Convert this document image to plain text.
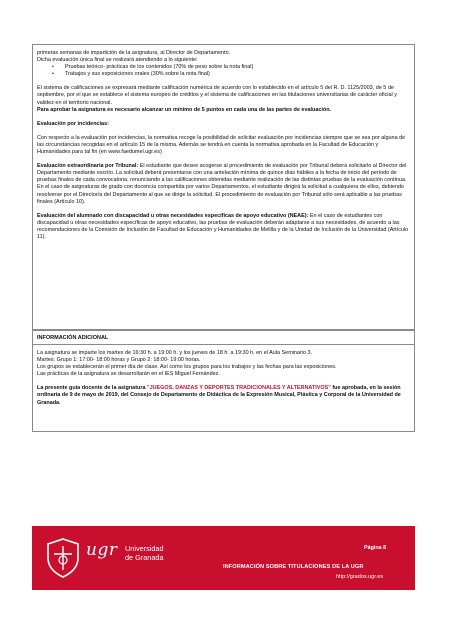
primeras semanas de impartición de la asignatura, al Director de Departamento.

Dicha evaluación única final se realizará atendiendo a lo siguiente:

• Pruebas teórico- prácticas de los contenidos (70% de peso sobre la nota final)
• Trabajos y sus exposiciones orales (30% sobre la nota final)

El sistema de calificaciones se expresará mediante calificación numérica de acuerdo con lo establecido en el artículo 5 del R. D. 1125/2003, de 5 de septiembre, por el que se establece el sistema europeo de créditos y el sistema de calificaciones en las titulaciones universitarias de carácter oficial y validez en el territorio nacional.

Para aprobar la asignatura es necesario alcanzar un mínimo de 5 puntos en cada una de las partes de evaluación.

Evaluación por incidencias:

Con respecto a la evaluación por incidencias, la normativa recoge la posibilidad de solicitar evaluación por incidencias siempre que se sea por alguna de las circunstancias recogidas en el artículo 15 de la misma. Además se tendrá en cuenta la normativa aprobada en la Facultad de Educación y Humanidades para tal fin (en www.faedumel.ugr.es)

Evaluación extraordinaria por Tribunal: El estudiante que desee acogerse al procedimiento de evaluación por Tribunal deberá solicitarlo al Director del Departamento mediante escrito. La solicitud deberá presentarse con una antelación mínima de quince días hábiles a la fecha de inicio del período de pruebas finales de cada convocatoria, renunciando a las calificaciones obtenidas mediante realización de las distintas pruebas de la evaluación continua. En el caso de asignaturas de grado con docencia compartida por varios Departamentos, el estudiante dirigirá la solicitud a cualquiera de ellos, debiendo resolverse por el Director/a del Departamento al que se dirige la solicitud. El procedimiento de evaluación por Tribunal sólo será aplicable a las pruebas finales (Artículo 10).

Evaluación del alumnado con discapacidad u otras necesidades específicas de apoyo educativo (NEAE): En el caso de estudiantes con discapacidad u otras necesidades específicas de apoyo educativo, las pruebas de evaluación deberán adaptarse a sus necesidades, de acuerdo a las recomendaciones de la Comisión de Inclusión de Facultad de Educación y Humanidades de Melilla y de la Unidad de Inclusión de la Universidad (Artículo 11).

INFORMACIÓN ADICIONAL

La asignatura se imparte los martes de 16:30 h. a 19:00 h. y los jueves de 18 h. a 19:30 h. en el Aula Seminario 3.

Martes: Grupo 1: 17:00- 18:00 horas y Grupo 2: 18:00- 19:00 horas.

Los grupos se establecerán el primer día de clase. Así como los grupos para los trabajos y las fechas para las exposiciones.

Las prácticas de la asignatura se desarrollarán en el IES Miguel Fernández.

La presente guía docente de la asignatura "JUEGOS, DANZAS Y DEPORTES TRADICIONALES Y ALTERNATIVOS" fue aprobada, en la sesión ordinaria de 9 de mayo de 2019, del Consejo de Departamento de Didáctica de la Expresión Musical, Plástica y Corporal de la Universidad de Granada.

ugr Universidad
de Granada
Página 8
INFORMACIÓN SOBRE TITULACIONES DE LA UGR
http://grados.ugr.es
